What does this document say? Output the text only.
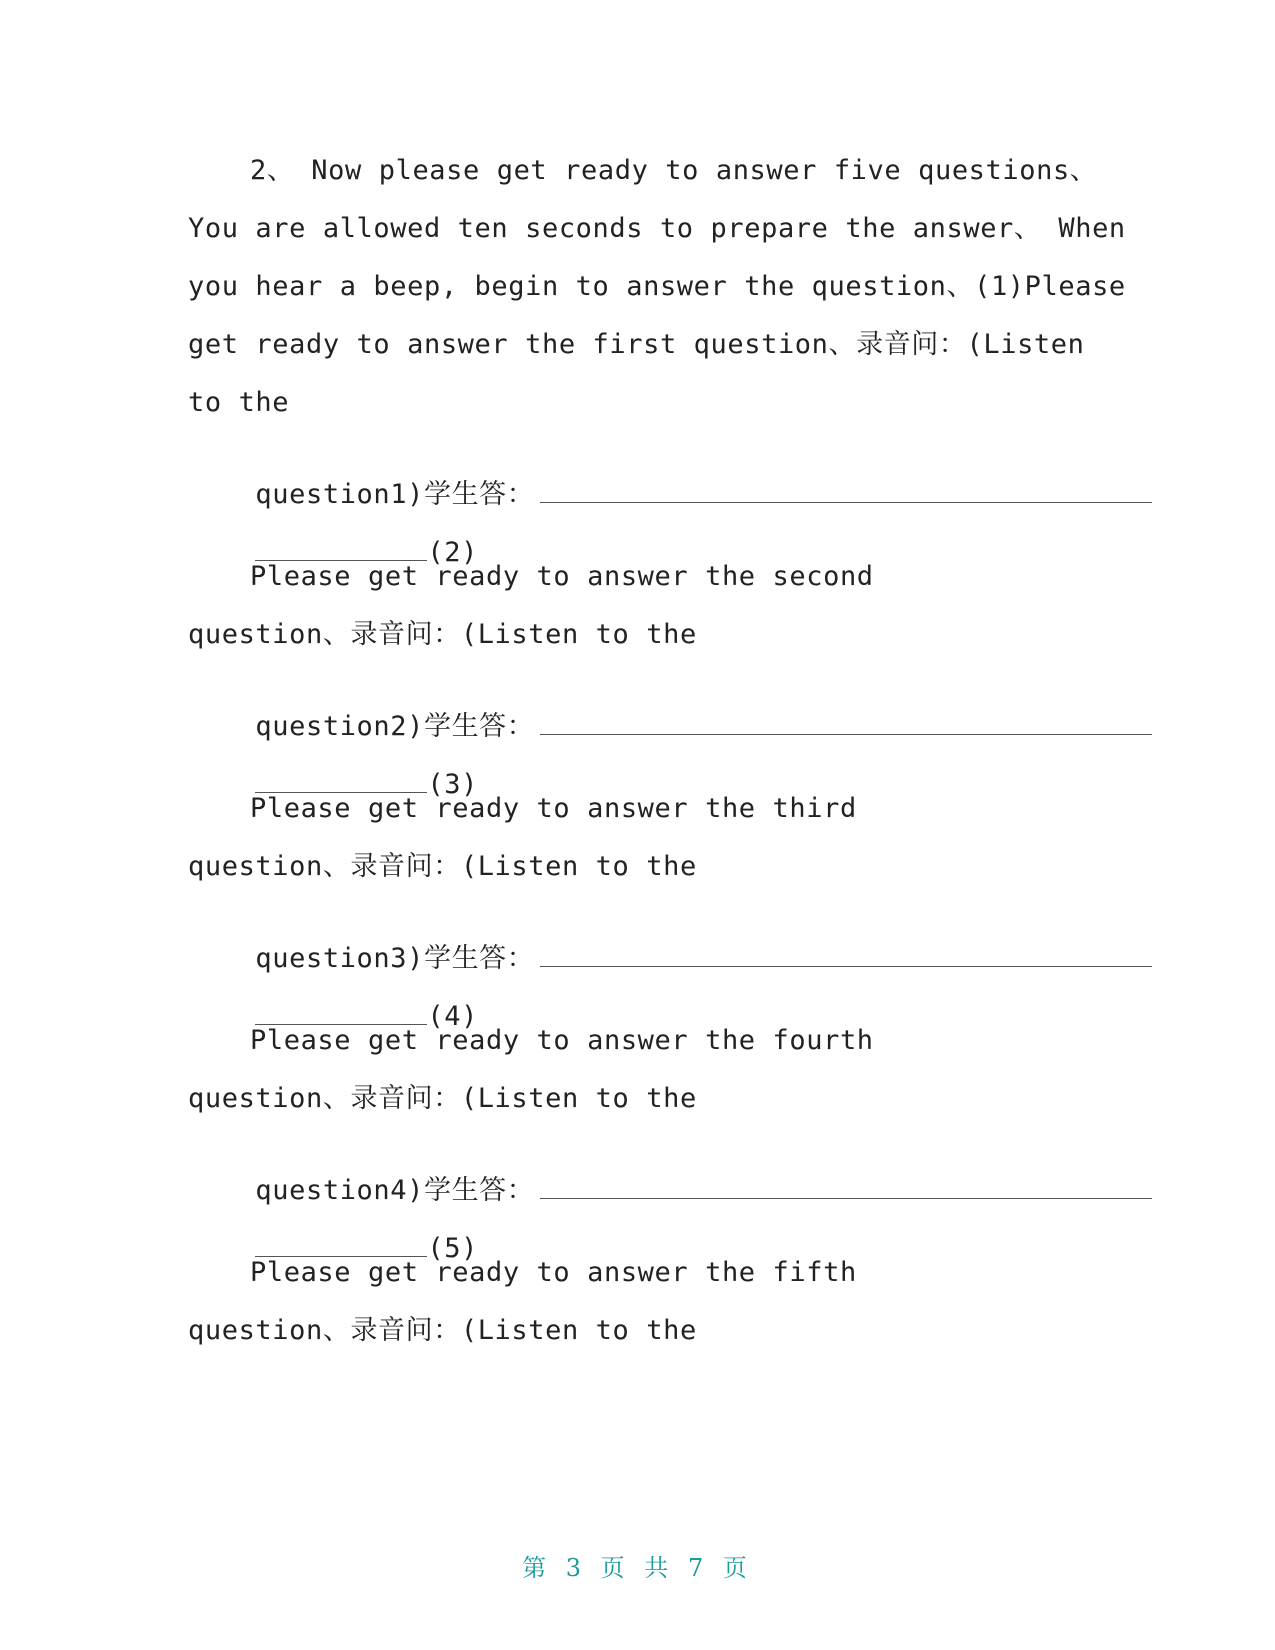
2、 Now please get ready to answer five questions、
You are allowed ten seconds to prepare the answer、 When
you hear a beep, begin to answer the question、(1)Please
get ready to answer the first question、录音问：(Listen
to the

question1)学生答：

(2)

Please get ready to answer the second
question、录音问：(Listen to the

question2)学生答：

(3)

Please get ready to answer the third
question、录音问：(Listen to the

question3)学生答：

(4)

Please get ready to answer the fourth
question、录音问：(Listen to the

question4)学生答：

(5)

Please get ready to answer the fifth
question、录音问：(Listen to the
第 3 页 共 7 页
